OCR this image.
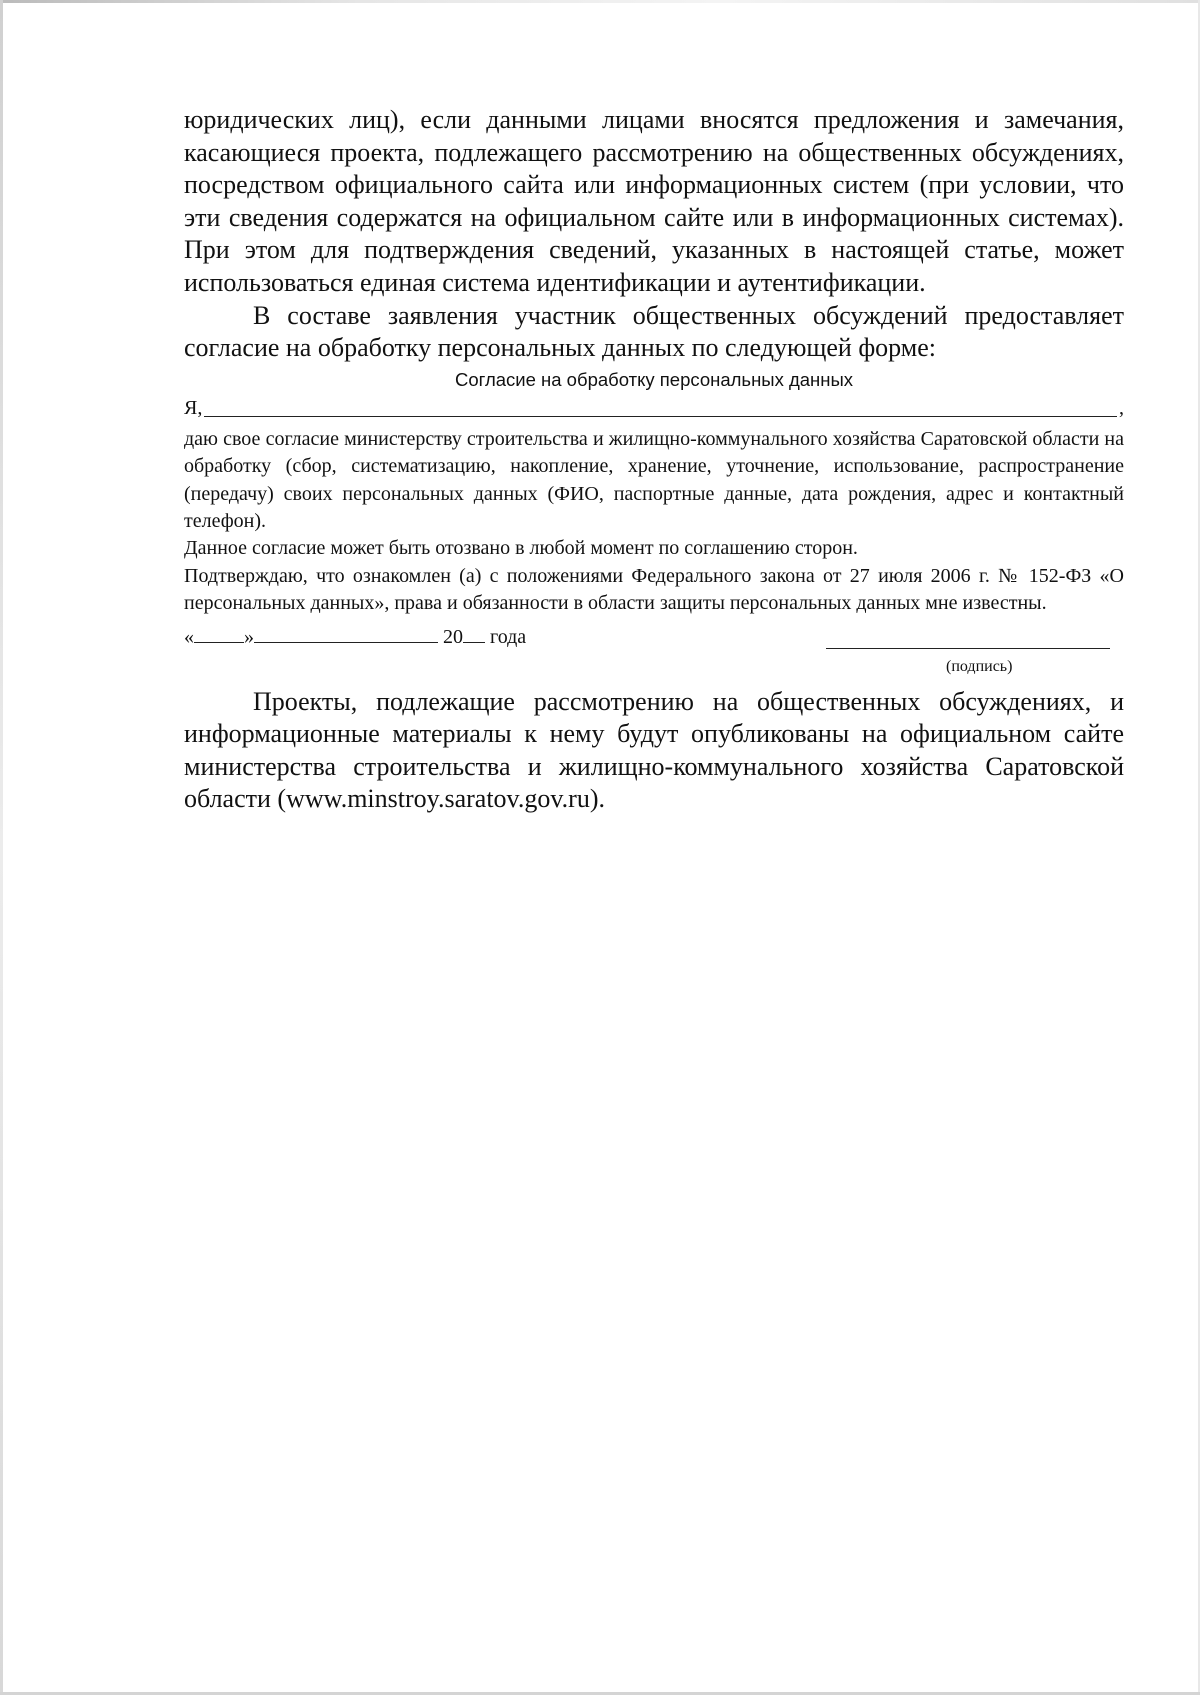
юридических лиц), если данными лицами вносятся предложения и замечания, касающиеся проекта, подлежащего рассмотрению на общественных обсуждениях, посредством официального сайта или информационных систем (при условии, что эти сведения содержатся на официальном сайте или в информационных системах). При этом для подтверждения сведений, указанных в настоящей статье, может использоваться единая система идентификации и аутентификации.

В составе заявления участник общественных обсуждений предоставляет согласие на обработку персональных данных по следующей форме:

Согласие на обработку персональных данных

Я,	,

даю свое согласие министерству строительства и жилищно-коммунального хозяйства Саратовской области на обработку (сбор, систематизацию, накопление, хранение, уточнение, использование, распространение (передачу) своих персональных данных (ФИО, паспортные данные, дата рождения, адрес и контактный телефон).

Данное согласие может быть отозвано в любой момент по соглашению сторон.

Подтверждаю, что ознакомлен (а) с положениями Федерального закона от 27 июля 2006 г. № 152-ФЗ «О персональных данных», права и обязанности в области защиты персональных данных мне известны.

«	»	20 года
(подпись)

Проекты, подлежащие рассмотрению на общественных обсуждениях, и информационные материалы к нему будут опубликованы на официальном сайте министерства строительства и жилищно-коммунального хозяйства Саратовской области (www.minstroy.saratov.gov.ru).
